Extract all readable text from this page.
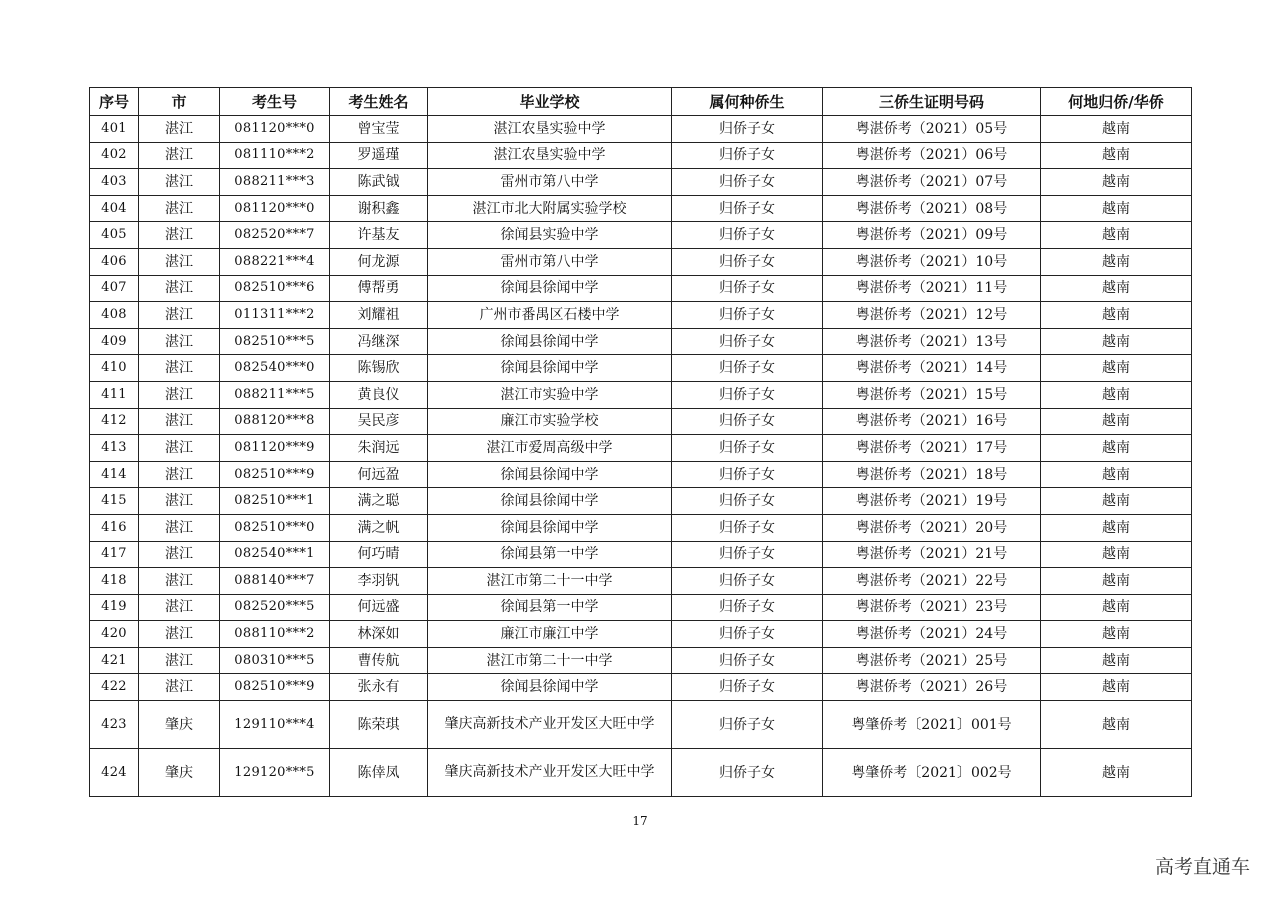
序号	市	考生号	考生姓名	毕业学校	属何种侨生	三侨生证明号码	何地归侨/华侨
401	湛江	081120***0	曾宝莹	湛江农垦实验中学	归侨子女	粤湛侨考（2021）05号	越南
402	湛江	081110***2	罗遥瑾	湛江农垦实验中学	归侨子女	粤湛侨考（2021）06号	越南
403	湛江	088211***3	陈武钺	雷州市第八中学	归侨子女	粤湛侨考（2021）07号	越南
404	湛江	081120***0	谢积鑫	湛江市北大附属实验学校	归侨子女	粤湛侨考（2021）08号	越南
405	湛江	082520***7	许基友	徐闻县实验中学	归侨子女	粤湛侨考（2021）09号	越南
406	湛江	088221***4	何龙源	雷州市第八中学	归侨子女	粤湛侨考（2021）10号	越南
407	湛江	082510***6	傅帮勇	徐闻县徐闻中学	归侨子女	粤湛侨考（2021）11号	越南
408	湛江	011311***2	刘耀祖	广州市番禺区石楼中学	归侨子女	粤湛侨考（2021）12号	越南
409	湛江	082510***5	冯继深	徐闻县徐闻中学	归侨子女	粤湛侨考（2021）13号	越南
410	湛江	082540***0	陈锡欣	徐闻县徐闻中学	归侨子女	粤湛侨考（2021）14号	越南
411	湛江	088211***5	黄良仪	湛江市实验中学	归侨子女	粤湛侨考（2021）15号	越南
412	湛江	088120***8	吴民彦	廉江市实验学校	归侨子女	粤湛侨考（2021）16号	越南
413	湛江	081120***9	朱润远	湛江市爱周高级中学	归侨子女	粤湛侨考（2021）17号	越南
414	湛江	082510***9	何远盈	徐闻县徐闻中学	归侨子女	粤湛侨考（2021）18号	越南
415	湛江	082510***1	满之聪	徐闻县徐闻中学	归侨子女	粤湛侨考（2021）19号	越南
416	湛江	082510***0	满之帆	徐闻县徐闻中学	归侨子女	粤湛侨考（2021）20号	越南
417	湛江	082540***1	何巧晴	徐闻县第一中学	归侨子女	粤湛侨考（2021）21号	越南
418	湛江	088140***7	李羽钒	湛江市第二十一中学	归侨子女	粤湛侨考（2021）22号	越南
419	湛江	082520***5	何远盛	徐闻县第一中学	归侨子女	粤湛侨考（2021）23号	越南
420	湛江	088110***2	林深如	廉江市廉江中学	归侨子女	粤湛侨考（2021）24号	越南
421	湛江	080310***5	曹传航	湛江市第二十一中学	归侨子女	粤湛侨考（2021）25号	越南
422	湛江	082510***9	张永有	徐闻县徐闻中学	归侨子女	粤湛侨考（2021）26号	越南
423	肇庆	129110***4	陈荣琪	肇庆高新技术产业开发区大旺中学	归侨子女	粤肇侨考〔2021〕001号	越南
424	肇庆	129120***5	陈倖凤	肇庆高新技术产业开发区大旺中学	归侨子女	粤肇侨考〔2021〕002号	越南
17
高考直通车
